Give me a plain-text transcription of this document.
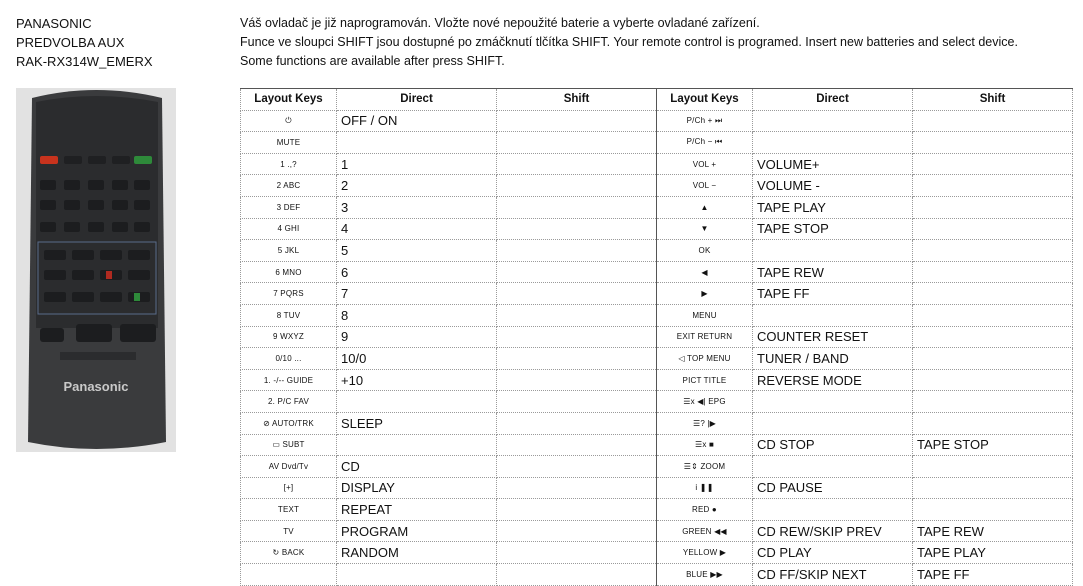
PANASONIC
PREDVOLBA AUX
RAK-RX314W_EMERX
Panasonic
Váš ovladač je již naprogramován. Vložte nové nepoužité baterie a vyberte ovladané zařízení.
Funce ve sloupci SHIFT jsou dostupné po zmáčknutí tlčítka SHIFT. Your remote control is programed. Insert new batteries and select device.
Some functions are available after press SHIFT.
Layout Keys	Direct	Shift	Layout Keys	Direct	Shift
⏻	OFF / ON		P/Ch + ⏭		
MUTE			P/Ch − ⏮		
1 .,?	1		VOL +	VOLUME+	
2 ABC	2		VOL −	VOLUME -	
3 DEF	3		▲	TAPE PLAY	
4 GHI	4		▼	TAPE STOP	
5 JKL	5		OK		
6 MNO	6		◀	TAPE REW	
7 PQRS	7		▶	TAPE FF	
8 TUV	8		MENU		
9 WXYZ	9		EXIT RETURN	COUNTER RESET	
0/10 ...	10/0		◁ TOP MENU	TUNER / BAND	
1. -/-- GUIDE	+10		PICT TITLE	REVERSE MODE	
2. P/C FAV			☰x ◀| EPG		
⊘ AUTO/TRK	SLEEP		☰? |▶		
▭ SUBT			☰x ■	CD STOP	TAPE STOP
AV Dvd/Tv	CD		☰⇕ ZOOM		
[+]	DISPLAY		i ❚❚	CD PAUSE	
TEXT	REPEAT		RED ●		
TV	PROGRAM		GREEN ◀◀	CD REW/SKIP PREV	TAPE REW
↻ BACK	RANDOM		YELLOW ▶	CD PLAY	TAPE PLAY
			BLUE ▶▶	CD FF/SKIP NEXT	TAPE FF
